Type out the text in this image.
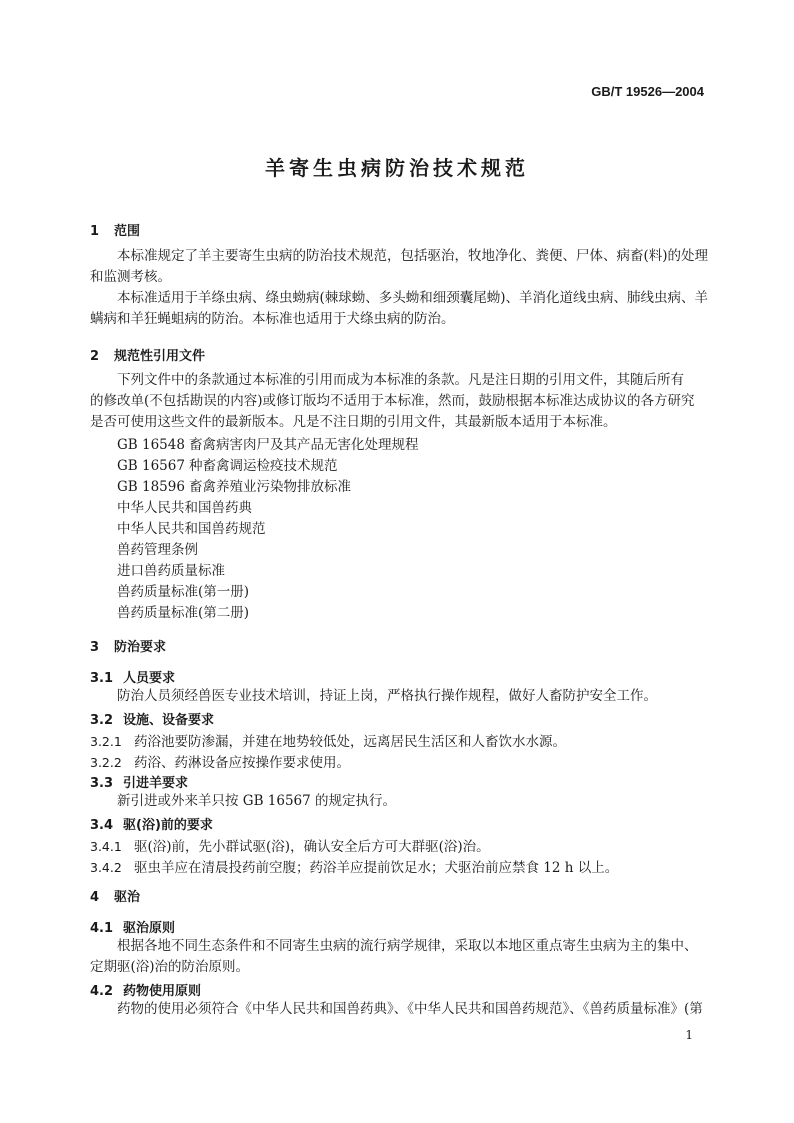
GB/T 19526—2004
羊寄生虫病防治技术规范
1 范围
本标准规定了羊主要寄生虫病的防治技术规范，包括驱治，牧地净化、粪便、尸体、病畜(料)的处理
和监测考核。
本标准适用于羊绦虫病、绦虫蚴病(棘球蚴、多头蚴和细颈囊尾蚴)、羊消化道线虫病、肺线虫病、羊
螨病和羊狂蝇蛆病的防治。本标准也适用于犬绦虫病的防治。
2 规范性引用文件
下列文件中的条款通过本标准的引用而成为本标准的条款。凡是注日期的引用文件，其随后所有
的修改单(不包括勘误的内容)或修订版均不适用于本标准，然而，鼓励根据本标准达成协议的各方研究
是否可使用这些文件的最新版本。凡是不注日期的引用文件，其最新版本适用于本标准。
GB 16548 畜禽病害肉尸及其产品无害化处理规程
GB 16567 种畜禽调运检疫技术规范
GB 18596 畜禽养殖业污染物排放标准
中华人民共和国兽药典
中华人民共和国兽药规范
兽药管理条例
进口兽药质量标准
兽药质量标准(第一册)
兽药质量标准(第二册)
3 防治要求
3.1 人员要求
防治人员须经兽医专业技术培训，持证上岗，严格执行操作规程，做好人畜防护安全工作。
3.2 设施、设备要求
3.2.1 药浴池要防渗漏，并建在地势较低处，远离居民生活区和人畜饮水水源。
3.2.2 药浴、药淋设备应按操作要求使用。
3.3 引进羊要求
新引进或外来羊只按 GB 16567 的规定执行。
3.4 驱(浴)前的要求
3.4.1 驱(浴)前，先小群试驱(浴)，确认安全后方可大群驱(浴)治。
3.4.2 驱虫羊应在清晨投药前空腹；药浴羊应提前饮足水；犬驱治前应禁食 12 h 以上。
4 驱治
4.1 驱治原则
根据各地不同生态条件和不同寄生虫病的流行病学规律，采取以本地区重点寄生虫病为主的集中、
定期驱(浴)治的防治原则。
4.2 药物使用原则
药物的使用必须符合《中华人民共和国兽药典》、《中华人民共和国兽药规范》、《兽药质量标准》(第
1
